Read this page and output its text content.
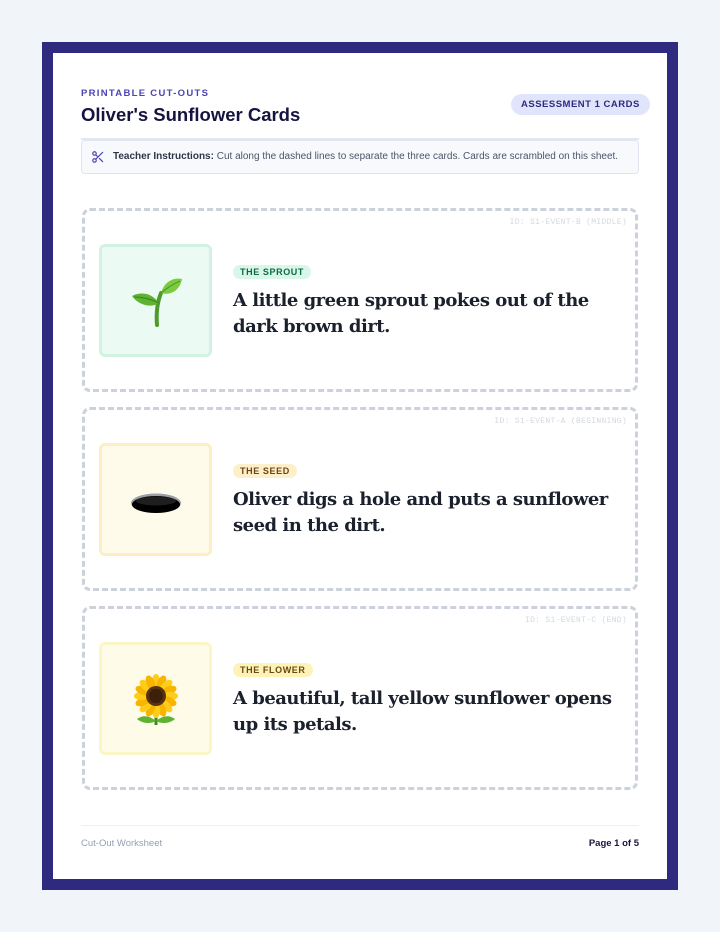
PRINTABLE CUT-OUTS
Oliver's Sunflower Cards	ASSESSMENT 1 CARDS
Teacher Instructions: Cut along the dashed lines to separate the three cards. Cards are scrambled on this sheet.
ID: S1-EVENT-B (MIDDLE)
THE SPROUT
A little green sprout pokes out of the dark brown dirt.
ID: S1-EVENT-A (BEGINNING)
THE SEED
Oliver digs a hole and puts a sunflower seed in the dirt.
ID: S1-EVENT-C (END)
THE FLOWER
A beautiful, tall yellow sunflower opens up its petals.
Cut-Out Worksheet	Page 1 of 5
